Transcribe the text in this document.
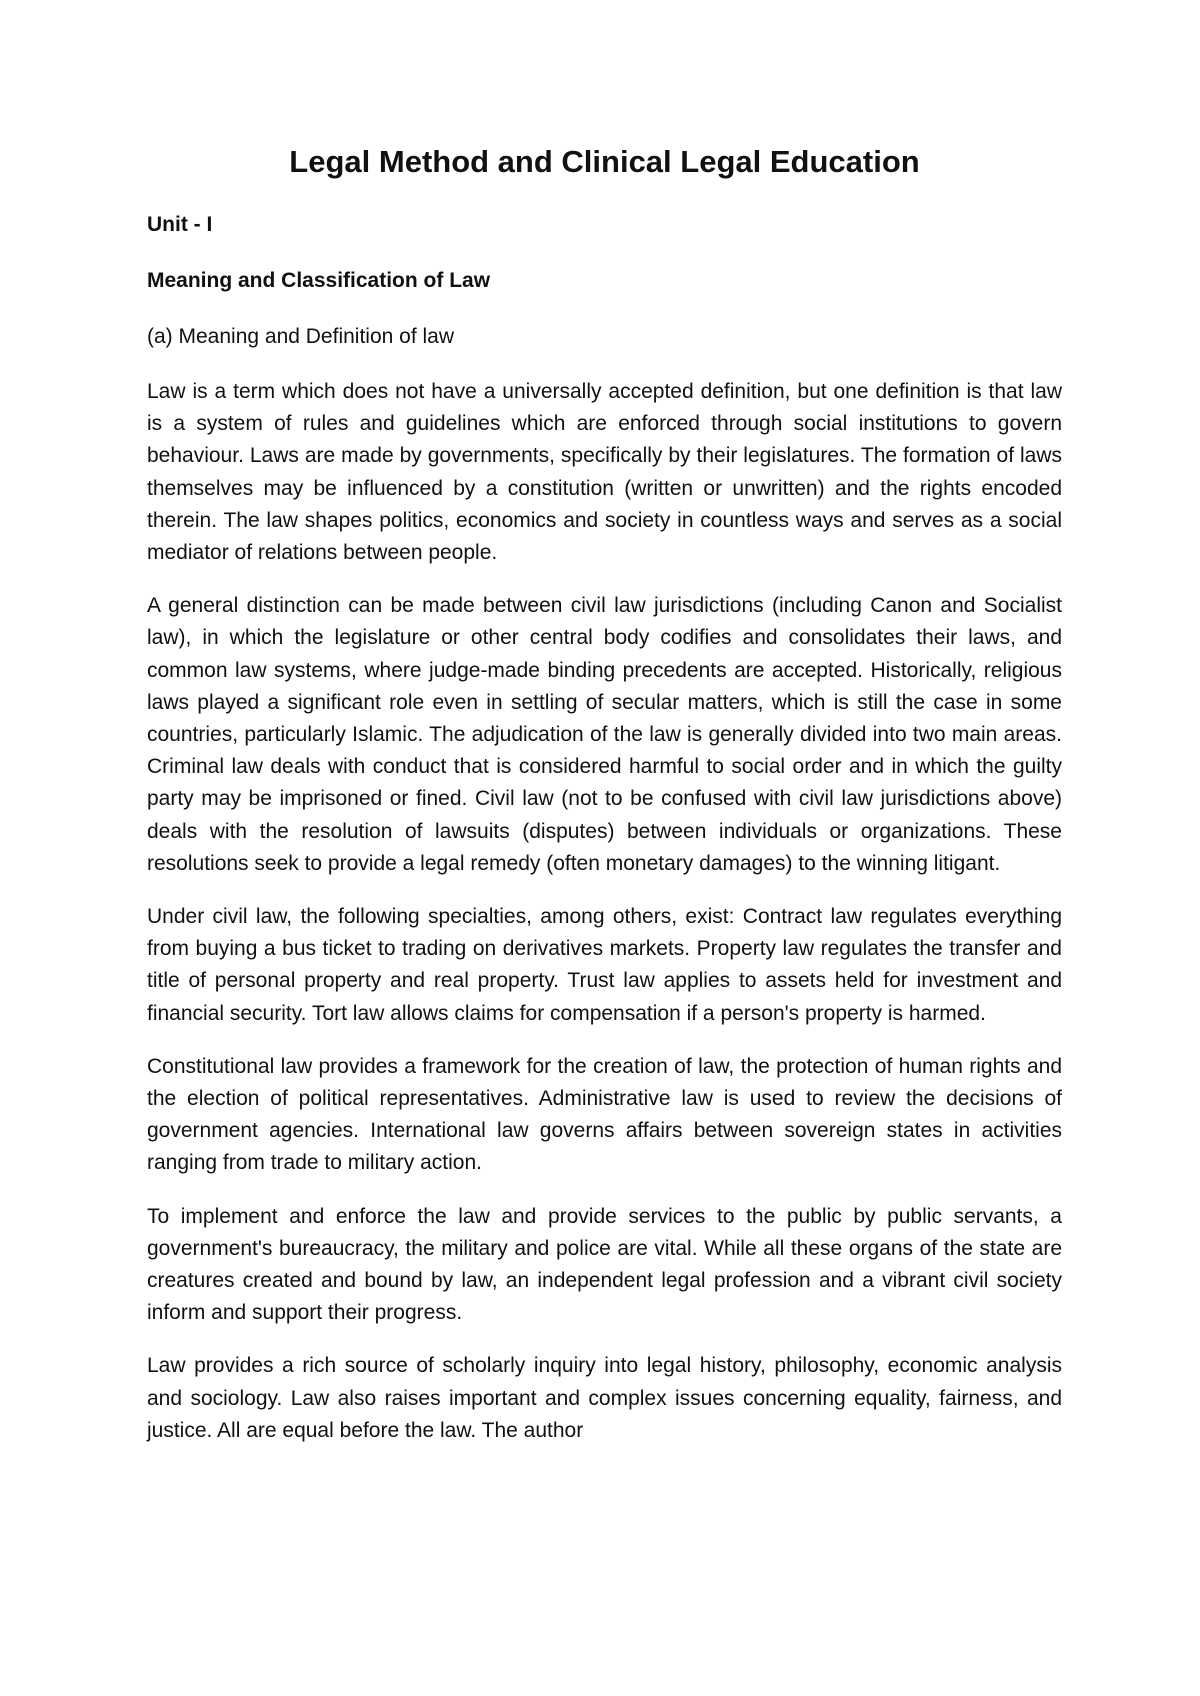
Legal Method and Clinical Legal Education
Unit - I
Meaning and Classification of Law
(a) Meaning and Definition of law

Law is a term which does not have a universally accepted definition, but one definition is that law is a system of rules and guidelines which are enforced through social institutions to govern behaviour. Laws are made by governments, specifically by their legislatures. The formation of laws themselves may be influenced by a constitution (written or unwritten) and the rights encoded therein. The law shapes politics, economics and society in countless ways and serves as a social mediator of relations between people.

A general distinction can be made between civil law jurisdictions (including Canon and Socialist law), in which the legislature or other central body codifies and consolidates their laws, and common law systems, where judge-made binding precedents are accepted. Historically, religious laws played a significant role even in settling of secular matters, which is still the case in some countries, particularly Islamic. The adjudication of the law is generally divided into two main areas. Criminal law deals with conduct that is considered harmful to social order and in which the guilty party may be imprisoned or fined. Civil law (not to be confused with civil law jurisdictions above) deals with the resolution of lawsuits (disputes) between individuals or organizations. These resolutions seek to provide a legal remedy (often monetary damages) to the winning litigant.

Under civil law, the following specialties, among others, exist: Contract law regulates everything from buying a bus ticket to trading on derivatives markets. Property law regulates the transfer and title of personal property and real property. Trust law applies to assets held for investment and financial security. Tort law allows claims for compensation if a person's property is harmed.

Constitutional law provides a framework for the creation of law, the protection of human rights and the election of political representatives. Administrative law is used to review the decisions of government agencies. International law governs affairs between sovereign states in activities ranging from trade to military action.

To implement and enforce the law and provide services to the public by public servants, a government's bureaucracy, the military and police are vital. While all these organs of the state are creatures created and bound by law, an independent legal profession and a vibrant civil society inform and support their progress.

Law provides a rich source of scholarly inquiry into legal history, philosophy, economic analysis and sociology. Law also raises important and complex issues concerning equality, fairness, and justice. All are equal before the law. The author
